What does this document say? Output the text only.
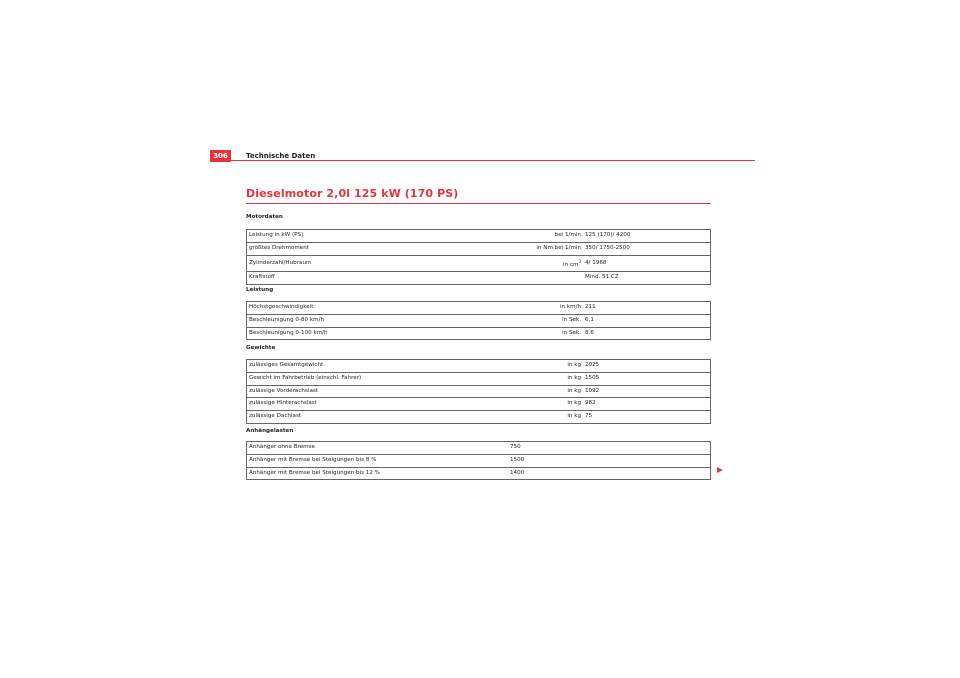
306	Technische Daten
Dieselmotor 2,0l 125 kW (170 PS)
Motordaten
Leistung in kW (PS)	bei 1/min	125 (170)/ 4200
größtes Drehmoment	in Nm bei 1/min	350/ 1750-2500
Zylinderzahl/Hubraum	in $cm^3$	4/ 1968
Kraftstoff		Mind. 51 CZ
Leistung
Höchstgeschwindigkeit	in km/h	211
Beschleunigung 0-80 km/h	in Sek.	6,1
Beschleunigung 0-100 km/h	in Sek.	8,6
Gewichte
zulässiges Gesamtgewicht	in kg	2025
Gewicht im Fahrbetrieb (einschl. Fahrer)	in kg	1505
zulässige Vorderachslast	in kg	1092
zulässige Hinterachslast	in kg	982
zulässige Dachlast	in kg	75
Anhängelasten
Anhänger ohne Bremse		750
Anhänger mit Bremse bei Steigungen bis 8 %		1500
Anhänger mit Bremse bei Steigungen bis 12 %		1400
